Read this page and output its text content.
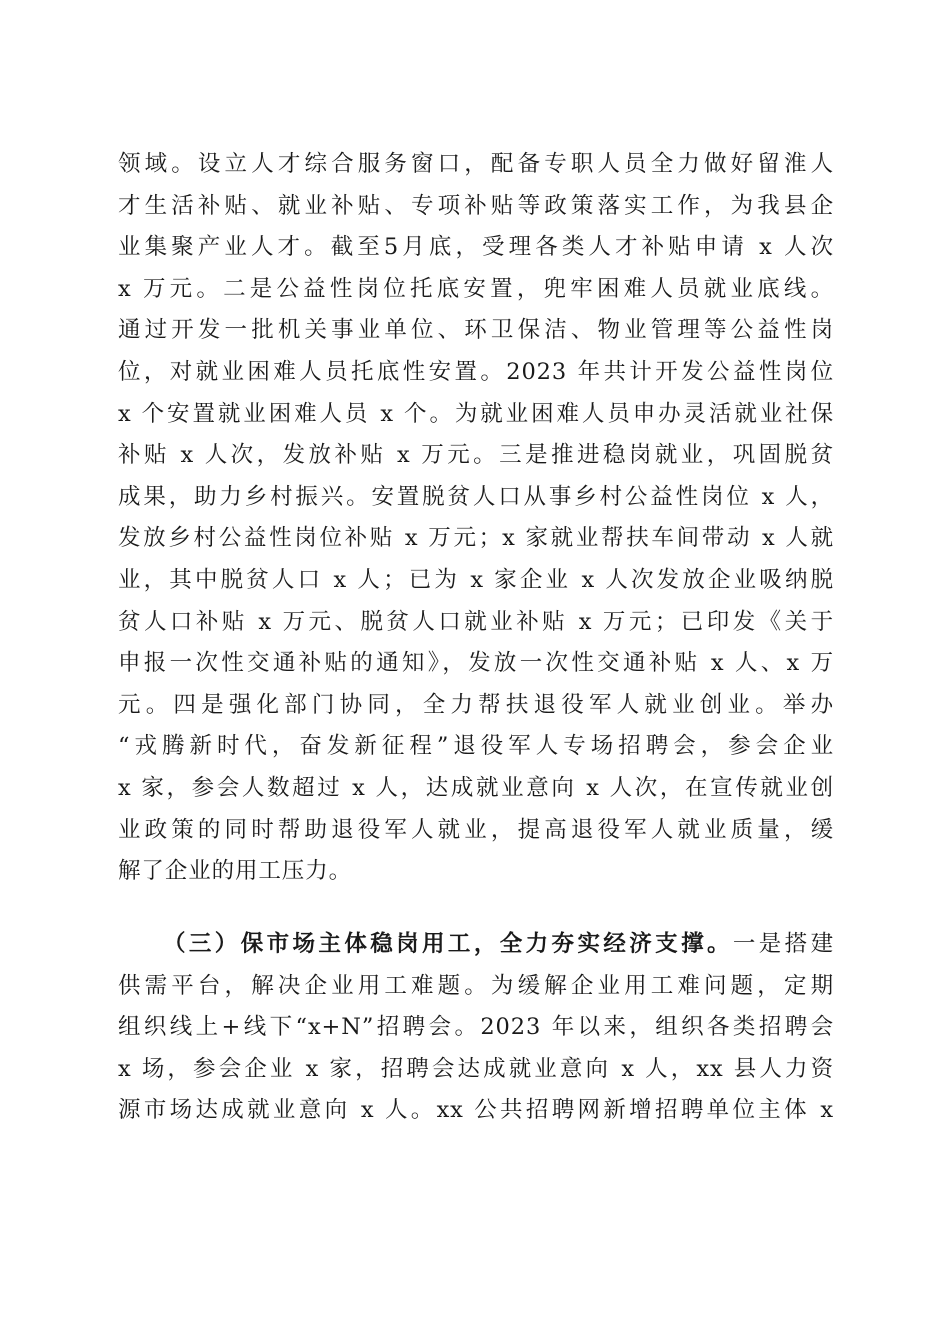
领域。设立人才综合服务窗口，配备专职人员全力做好留淮人
才生活补贴、就业补贴、专项补贴等政策落实工作，为我县企
业集聚产业人才。截至5月底，受理各类人才补贴申请 x 人次
x 万元。二是公益性岗位托底安置，兜牢困难人员就业底线。
通过开发一批机关事业单位、环卫保洁、物业管理等公益性岗
位，对就业困难人员托底性安置。2023 年共计开发公益性岗位
x 个安置就业困难人员 x 个。为就业困难人员申办灵活就业社保
补贴 x 人次，发放补贴 x 万元。三是推进稳岗就业，巩固脱贫
成果，助力乡村振兴。安置脱贫人口从事乡村公益性岗位 x 人，
发放乡村公益性岗位补贴 x 万元；x 家就业帮扶车间带动 x 人就
业，其中脱贫人口 x 人；已为 x 家企业 x 人次发放企业吸纳脱
贫人口补贴 x 万元、脱贫人口就业补贴 x 万元；已印发《关于
申报一次性交通补贴的通知》，发放一次性交通补贴 x 人、x 万
元。四是强化部门协同，全力帮扶退役军人就业创业。举办
“戎腾新时代，奋发新征程”退役军人专场招聘会，参会企业
x 家，参会人数超过 x 人，达成就业意向 x 人次，在宣传就业创
业政策的同时帮助退役军人就业，提高退役军人就业质量，缓
解了企业的用工压力。
（三）保市场主体稳岗用工，全力夯实经济支撑。一是搭建
供需平台，解决企业用工难题。为缓解企业用工难问题，定期
组织线上+线下“x+N”招聘会。2023 年以来，组织各类招聘会
x 场，参会企业 x 家，招聘会达成就业意向 x 人，xx 县人力资
源市场达成就业意向 x 人。xx 公共招聘网新增招聘单位主体 x
